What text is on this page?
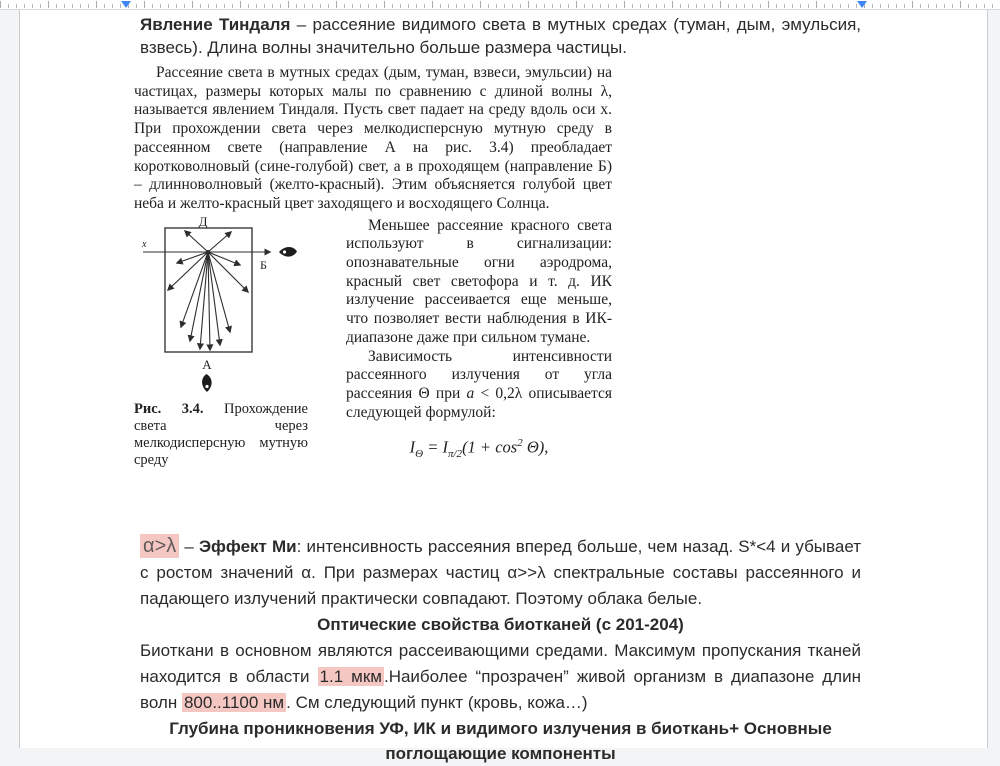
Явление Тиндаля – рассеяние видимого света в мутных средах (туман, дым, эмульсия, взвесь). Длина волны значительно больше размера частицы.

Рассеяние света в мутных средах (дым, туман, взвеси, эмульсии) на частицах, размеры которых малы по сравнению с длиной волны λ, называется явлением Тиндаля. Пусть свет падает на среду вдоль оси x. При прохождении света через мелкодисперсную мутную среду в рассеянном свете (направление А на рис. 3.4) преобладает коротковолновый (сине-голубой) свет, а в проходящем (направление Б) – длинноволновый (желто-красный). Этим объясняется голубой цвет неба и желто-красный цвет заходящего и восходящего Солнца.

Д
x
Б
А

Рис. 3.4. Прохождение света через мелкодисперсную мутную среду

Меньшее рассеяние красного света используют в сигнализации: опознавательные огни аэродрома, красный свет светофора и т. д. ИК излучение рассеивается еще меньше, что позволяет вести наблюдения в ИК-диапазоне даже при сильном тумане.

Зависимость интенсивности рассеянного излучения от угла рассеяния Θ при a < 0,2λ описывается следующей формулой:

$I_\Theta = I_{\pi/2}(1 + \cos^2 \Theta)$,

α>λ – Эффект Ми: интенсивность рассеяния вперед больше, чем назад. S*<4 и убывает с ростом значений α. При размерах частиц α>>λ спектральные составы рассеянного и падающего излучений практически совпадают. Поэтому облака белые.

Оптические свойства биотканей (с 201-204)

Биоткани в основном являются рассеивающими средами. Максимум пропускания тканей находится в области 1.1 мкм .Наиболее “прозрачен” живой организм в диапазоне длин волн 800..1100 нм . См следующий пункт (кровь, кожа…)

Глубина проникновения УФ, ИК и видимого излучения в биоткань+ Основные поглощающие компоненты
